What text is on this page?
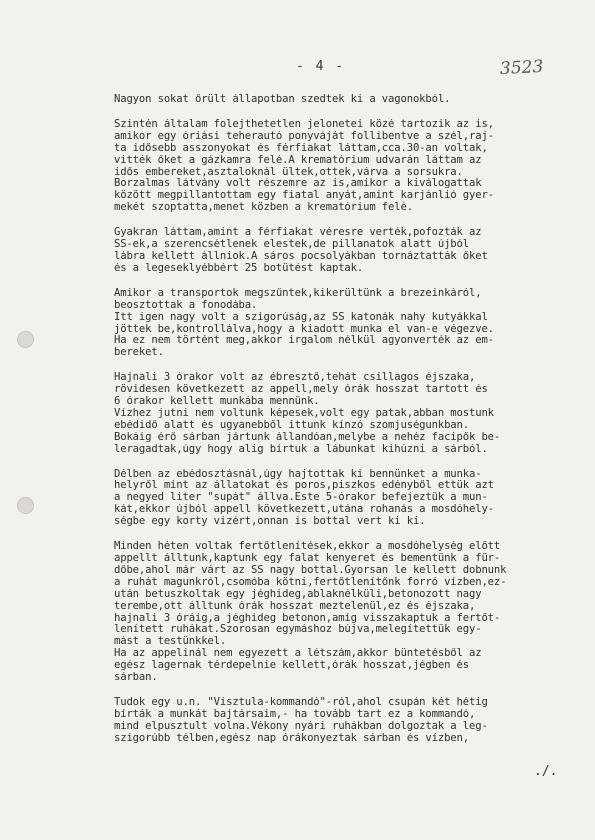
- 4 -	3523
Nagyon sokat őrült állapotban szedtek ki a vagonokból.
Szintén általam folejthetetlen jelonetei közé tartozik az is,
amikor egy óriási teherautó ponyváját follibentve a szél,raj-
ta idősebb asszonyokat és férfiakat láttam,cca.30-an voltak,
vitték őket a gázkamra felé.A krematórium udvarán láttam az
idős embereket,asztaloknál ültek,ottek,várva a sorsukra.
Borzalmas látvány volt részemre az is,amikor a kiválogattak
között megpillantottam egy fiatal anyát,amint karjánlió gyer-
mekét szoptatta,menet közben a krematórium felé.
Gyakran láttam,amint a férfiakat véresre verték,pofozták az
SS-ek,a szerencsétlenek elestek,de pillanatok alatt újból
lábra kellett állniok.A sáros pocsolyákban tornáztatták őket
és a legeseklyébbért 25 botütést kaptak.
Amikor a transportok megszűntek,kikerültünk a brezeinkáról,
beosztottak a fonodába.
Itt igen nagy volt a szigorúság,az SS katonák nahy kutyákkal
jöttek be,kontrollálva,hogy a kiadott munka el van-e végezve.
Ha ez nem történt meg,akkor irgalom nélkül agyonverték az em-
bereket.
Hajnali 3 órakor volt az ébresztő,tehát csillagos éjszaka,
rövidesen következett az appell,mely órák hosszat tartott és
6 órakor kellett munkába mennünk.
Vízhez jutni nem voltunk képesek,volt egy patak,abban mostunk
ebédidő alatt és ugyanebből ittunk kínzó szomjuségunkban.
Bokáig érő sárban jártunk állandóan,melybe a nehéz facipők be-
leragadtak,úgy hogy alig bírtuk a lábunkat kihúzni a sárból.
Délben az ebédosztásnál,úgy hajtottak ki bennünket a munka-
helyről mint az állatokat és poros,piszkos edényből ettük azt
a negyed liter "supát" állva.Este 5-órakor befejeztük a mun-
kát,ekkor újból appell következett,utána rohanás a mosdóhely-
ségbe egy korty vizért,onnan is bottal vert ki ki.
Minden héten voltak fertőtlenítések,ekkor a mosdóhelység előtt
appellt álltunk,kaptunk egy falat kenyeret és bementünk a für-
dőbe,ahol már várt az SS nagy bottal.Gyorsan le kellett dobnunk
a ruhát magunkról,csomóba kötni,fertőtlenítőnk forró vízben,ez-
után betuszkoltak egy jéghideg,ablaknélküli,betonozott nagy
terembe,ott álltunk órák hosszat meztelenül,ez és éjszaka,
hajnali 3 óráig,a jéghideg betonon,amíg visszakaptuk a fertőt-
lenített ruhákat.Szorosan egymáshoz bújva,melegítettük egy-
mást a testünkkel.
Ha az appelinál nem egyezett a létszám,akkor büntetésből az
egész lagernak térdepelnie kellett,órák hosszat,jégben és
sárban.
Tudok egy u.n. "Visztula-kommandó"-ról,ahol csupán két hétig
bírták a munkát bajtársaim,- ha tovább tart ez a kommandó,
mind elpusztult volna.Vékony nyári ruhákban dolgoztak a leg-
szigorúbb télben,egész nap órákonyeztak sárban és vízben,
./.
